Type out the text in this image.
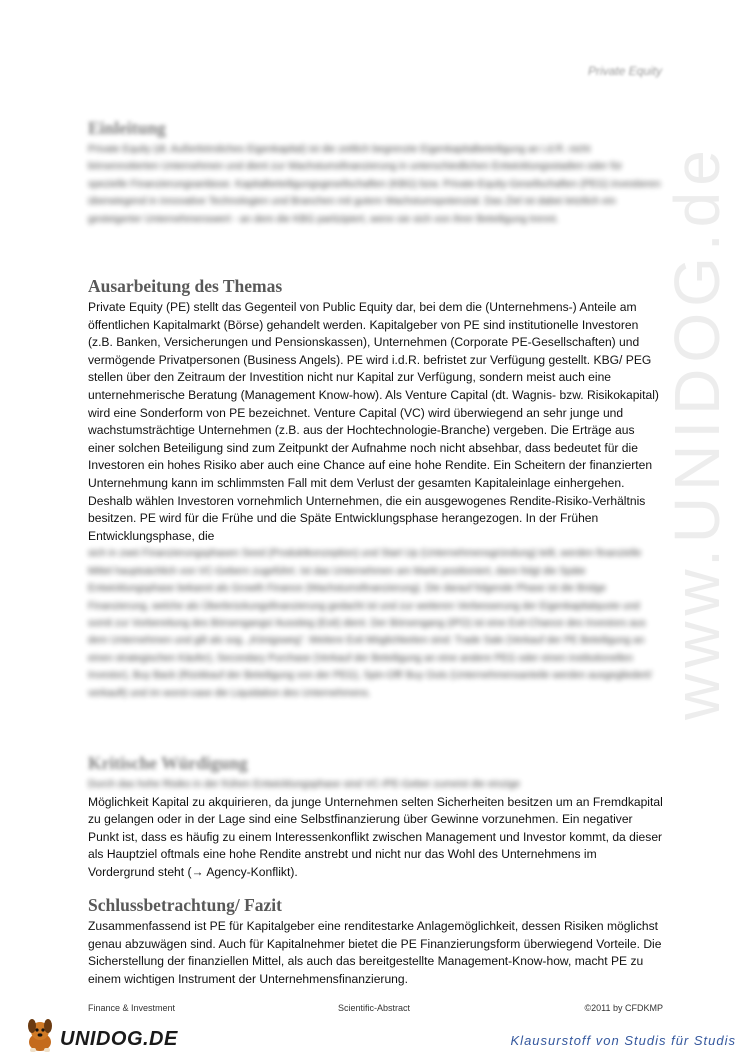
www.UNIDOG.de
Private Equity
Einleitung

Private Equity (dt. Außerbörsliches Eigenkapital) ist die zeitlich begrenzte Eigenkapitalbeteiligung an i.d.R. nicht börsennotierten Unternehmen und dient zur Wachstumsfinanzierung in unterschiedlichen Entwicklungsstadien oder für spezielle Finanzierungsanlässe. Kapitalbeteiligungsgesellschaften (KBG) bzw. Private-Equity-Gesellschaften (PEG) investieren überwiegend in innovative Technologien und Branchen mit gutem Wachstumspotenzial. Das Ziel ist dabei letztlich ein gesteigerter Unternehmenswert - an dem die KBG partizipiert, wenn sie sich von ihrer Beteiligung trennt.

Ausarbeitung des Themas

Private Equity (PE) stellt das Gegenteil von Public Equity dar, bei dem die (Unternehmens-) Anteile am öffentlichen Kapitalmarkt (Börse) gehandelt werden. Kapitalgeber von PE sind institutionelle Investoren (z.B. Banken, Versicherungen und Pensionskassen), Unternehmen (Corporate PE-Gesellschaften) und vermögende Privatpersonen (Business Angels). PE wird i.d.R. befristet zur Verfügung gestellt. KBG/ PEG stellen über den Zeitraum der Investition nicht nur Kapital zur Verfügung, sondern meist auch eine unternehmerische Beratung (Management Know-how). Als Venture Capital (dt. Wagnis- bzw. Risikokapital) wird eine Sonderform von PE bezeichnet. Venture Capital (VC) wird überwiegend an sehr junge und wachstumsträchtige Unternehmen (z.B. aus der Hochtechnologie-Branche) vergeben. Die Erträge aus einer solchen Beteiligung sind zum Zeitpunkt der Aufnahme noch nicht absehbar, dass bedeutet für die Investoren ein hohes Risiko aber auch eine Chance auf eine hohe Rendite. Ein Scheitern der finanzierten Unternehmung kann im schlimmsten Fall mit dem Verlust der gesamten Kapitaleinlage einhergehen. Deshalb wählen Investoren vornehmlich Unternehmen, die ein ausgewogenes Rendite-Risiko-Verhältnis besitzen. PE wird für die Frühe und die Späte Entwicklungsphase herangezogen. In der Frühen Entwicklungsphase, die

sich in zwei Finanzierungsphasen Seed (Produktkonzeption) und Start Up (Unternehmensgründung) teilt, werden finanzielle Mittel hauptsächlich von VC-Gebern zugeführt. Ist das Unternehmen am Markt positioniert, dann folgt die Späte Entwicklungsphase bekannt als Growth Finance (Wachstumsfinanzierung). Die darauf folgende Phase ist die Bridge Finanzierung, welche als Überbrückungsfinanzierung gedacht ist und zur weiteren Verbesserung der Eigenkapitalquote und somit zur Vorbereitung des Börsengangs/ Ausstieg (Exit) dient. Der Börsengang (IPO) ist eine Exit-Chance des Investors aus dem Unternehmen und gilt als sog. „Königsweg“. Weitere Exit Möglichkeiten sind: Trade Sale (Verkauf der PE Beteiligung an einen strategischen Käufer), Secondary Purchase (Verkauf der Beteiligung an eine andere PEG oder einen institutionellen Investor), Buy Back (Rückkauf der Beteiligung von der PEG), Spin-Off/ Buy Outs (Unternehmensanteile werden ausgegliedert/ verkauft) und im worst-case die Liquidation des Unternehmens.

Kritische Würdigung

Durch das hohe Risiko in der frühen Entwicklungsphase sind VC-/PE-Geber zumeist die einzige

Möglichkeit Kapital zu akquirieren, da junge Unternehmen selten Sicherheiten besitzen um an Fremdkapital zu gelangen oder in der Lage sind eine Selbstfinanzierung über Gewinne vorzunehmen. Ein negativer Punkt ist, dass es häufig zu einem Interessenkonflikt zwischen Management und Investor kommt, da dieser als Hauptziel oftmals eine hohe Rendite anstrebt und nicht nur das Wohl des Unternehmens im Vordergrund steht (→ Agency-Konflikt).

Schlussbetrachtung/ Fazit

Zusammenfassend ist PE für Kapitalgeber eine renditestarke Anlagemöglichkeit, dessen Risiken möglichst genau abzuwägen sind. Auch für Kapitalnehmer bietet die PE Finanzierungsform überwiegend Vorteile. Die Sicherstellung der finanziellen Mittel, als auch das bereitgestellte Management-Know-how, macht PE zu einem wichtigen Instrument der Unternehmensfinanzierung.

Finance & Investment	Scientific-Abstract	©2011 by CFDKMP
UNIDOG.DE	Klausurstoff von Studis für Studis
